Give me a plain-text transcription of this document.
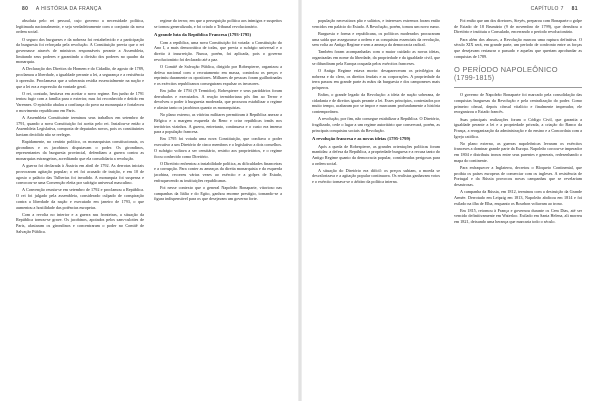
80 A HISTÓRIA DA FRANÇA

absoluta pelo rei pessoal, cujo governo a necessidade política, legitimada nacionalmente, e seja verdadeiramente com o conjunto da nova ordem social.

O seguro dos burgueses e da nobreza foi restabelecido e a participação da burguesia foi reforçada pela revolução. A Constituição previa que o rei governasse através de ministros responsáveis perante a Assembleia, limitando seus poderes e garantindo a divisão dos poderes no quadro da monarquia.

A Declaração dos Direitos do Homem e do Cidadão, de agosto de 1789, proclamou a liberdade, a igualdade perante a lei, a segurança e a resistência à opressão. Proclamava que a soberania residia essencialmente na nação e que a lei era a expressão da vontade geral.

O rei, contudo, hesitava em aceitar o novo regime. Em junho de 1791 tentou fugir com a família para o exterior, mas foi reconhecido e detido em Varennes. O episódio abalou a confiança do povo na monarquia e fortaleceu o movimento republicano em Paris.

A Assembleia Constituinte terminou seus trabalhos em setembro de 1791, quando a nova Constituição foi aceita pelo rei. Instalou-se então a Assembleia Legislativa, composta de deputados novos, pois os constituintes haviam decidido não se reeleger.

Rapidamente, no cenário político, os monarquistas constitucionais, os girondinos e os jacobinos disputavam o poder. Os girondinos, representantes da burguesia provincial, defendiam a guerra contra as monarquias estrangeiras, acreditando que ela consolidaria a revolução.

A guerra foi declarada à Áustria em abril de 1792. As derrotas iniciais provocaram agitação popular; o rei foi acusado de traição, e em 10 de agosto o palácio das Tulherias foi invadido. A monarquia foi suspensa e convocou-se uma Convenção eleita por sufrágio universal masculino.

A Convenção reuniu-se em setembro de 1792 e proclamou a República. O rei foi julgado pela assembleia, considerado culpado de conspiração contra a liberdade da nação e executado em janeiro de 1793, o que aumentou a hostilidade das potências europeias.

Com a revolta no interior e a guerra nas fronteiras, a situação da República tornou-se grave. Os jacobinos, apoiados pelos sans-culottes de Paris, afastaram os girondinos e concentraram o poder no Comitê de Salvação Pública.

regime do terror, em que a perseguição política aos inimigos e suspeitos se tornou generalizada, e foi criado o Tribunal revolucionário.

A grande luta da República Francesa (1793-1795)

Com a república, uma nova Constituição foi votada: a Constituição do Ano I, a mais democrática de todas, que previa o sufrágio universal e o direito à insurreição. Nunca, porém, foi aplicada, pois o governo revolucionário foi declarado até a paz.

O Comitê de Salvação Pública, dirigido por Robespierre, organizou a defesa nacional com o recrutamento em massa, controlou os preços e reprimiu duramente os opositores. Milhares de pessoas foram guilhotinadas e os exércitos republicanos conseguiram expulsar os invasores.

Em julho de 1794 (9 Termidor), Robespierre e seus partidários foram derrubados e executados. A reação termidoriana pôs fim ao Terror e devolveu o poder à burguesia moderada, que procurou estabilizar o regime e afastar tanto os jacobinos quanto os monarquistas.

No plano externo, as vitórias militares permitiram à República anexar a Bélgica e a margem esquerda do Reno e criar repúblicas irmãs nos territórios vizinhos. A guerra, entretanto, continuava e o custo era imenso para a população francesa.

Em 1795 foi votada uma nova Constituição, que confiava o poder executivo a um Diretório de cinco membros e o legislativo a dois conselhos. O sufrágio voltava a ser censitário, restrito aos proprietários, e o regime ficou conhecido como Diretório.

O Diretório enfrentou a instabilidade política, as dificuldades financeiras e a corrupção. Para conter as ameaças da direita monarquista e da esquerda jacobina, recorreu várias vezes ao exército e a golpes de Estado, enfraquecendo as instituições republicanas.

Foi nesse contexto que o general Napoleão Bonaparte, vitorioso nas campanhas da Itália e do Egito, ganhou enorme prestígio, tornando-se a figura indispensável para os que desejavam um governo forte.

CAPÍTULO 7 81

população necessitava pão e salários, e interesses extremos foram então vencidos em palácio do Estado. A Revolução, porém, tomou um novo rumo.

Burguesia e forma e republicana, os políticos moderados procuraram uma saída que assegurasse a ordem e as conquistas essenciais da revolução, sem volta ao Antigo Regime e sem a ameaça da democracia radical.

Também foram acompanhadas com o maior cuidado as novas ideias, organizadas em nome da liberdade, da propriedade e da igualdade civil, que se difundiram pela Europa ocupada pelos exércitos franceses.

O Antigo Regime estava morto: desapareceram os privilégios da nobreza e do clero, os direitos feudais e as corporações. A propriedade da terra passou em grande parte às mãos da burguesia e dos camponeses mais prósperos.

Enfim, o grande legado da Revolução: a ideia de nação soberana, de cidadania e de direitos iguais perante a lei. Esses princípios, contestados por muito tempo, acabaram por se impor e marcaram profundamente a história contemporânea.

A revolução, por fim, não consegue estabilizar a República. O Diretório, fragilizado, cede o lugar a um regime autoritário que conservará, porém, as principais conquistas sociais da Revolução.

A revolução francesa e as novas ideias (1795-1799)

Após a queda de Robespierre, as grandes orientações políticas foram mantidas: a defesa da República, a propriedade burguesa e a recusa tanto do Antigo Regime quanto da democracia popular, consideradas perigosas para a ordem social.

A situação do Diretório era difícil: os preços subiam, a moeda se desvalorizava e a agitação popular continuava. Os realistas ganhavam votos e o exército tornava-se o árbitro da política interna.

Foi então que um dos diretores, Sieyès, preparou com Bonaparte o golpe de Estado de 18 Brumário (9 de novembro de 1799), que derrubou o Diretório e instituiu o Consulado, encerrando o período revolucionário.

Para além dos abusos, a Revolução marcou uma ruptura definitiva. O século XIX será, em grande parte, um período de confronto entre as forças que desejavam restaurar o passado e aquelas que queriam aprofundar as conquistas de 1789.

O PERÍODO NAPOLEÔNICO
(1799-1815)

O governo de Napoleão Bonaparte foi marcado pela consolidação das conquistas burguesas da Revolução e pela centralização do poder. Como primeiro cônsul, depois cônsul vitalício e finalmente imperador, ele reorganizou o Estado francês.

Suas principais realizações foram o Código Civil, que garantia a igualdade perante a lei e a propriedade privada, a criação do Banco da França, a reorganização da administração e do ensino e a Concordata com a Igreja católica.

No plano externo, as guerras napoleônicas levaram os exércitos franceses a dominar grande parte da Europa. Napoleão coroou-se imperador em 1804 e distribuiu tronos entre seus parentes e generais, redesenhando o mapa do continente.

Para enfraquecer a Inglaterra, decretou o Bloqueio Continental, que proibia os países europeus de comerciar com os ingleses. A resistência de Portugal e da Rússia provocou novas campanhas que se revelariam desastrosas.

A campanha da Rússia, em 1812, terminou com a destruição da Grande Armée. Derrotado em Leipzig em 1813, Napoleão abdicou em 1814 e foi exilado na ilha de Elba, enquanto os Bourbon voltavam ao trono.

Em 1815, retornou à França e governou durante os Cem Dias, até ser vencido definitivamente em Waterloo. Exilado em Santa Helena, ali morreu em 1821, deixando uma herança que marcaria todo o século.
